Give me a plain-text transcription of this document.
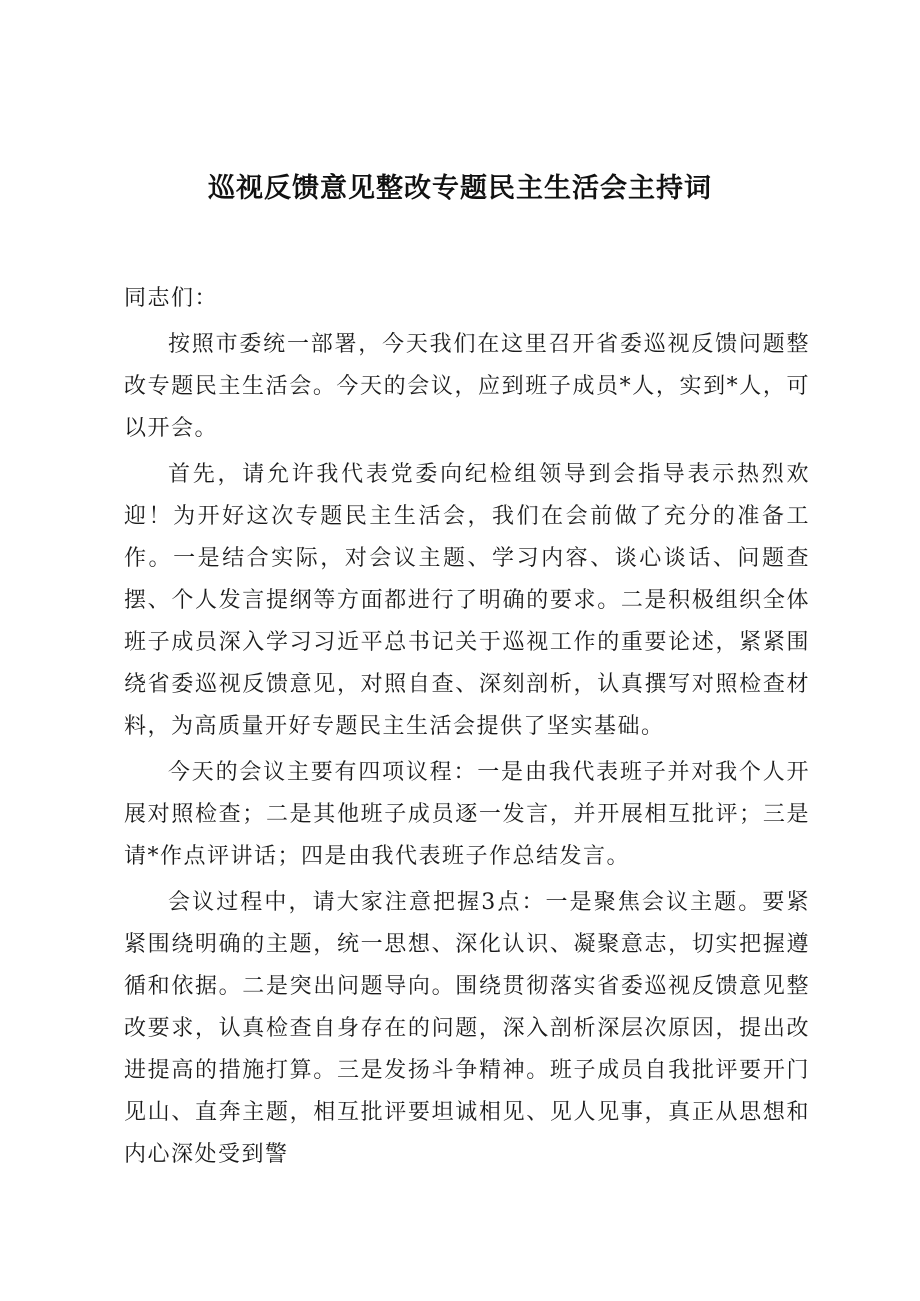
巡视反馈意见整改专题民主生活会主持词

同志们：

按照市委统一部署，今天我们在这里召开省委巡视反馈问题整改专题民主生活会。今天的会议，应到班子成员*人，实到*人，可以开会。

首先，请允许我代表党委向纪检组领导到会指导表示热烈欢迎！为开好这次专题民主生活会，我们在会前做了充分的准备工作。一是结合实际，对会议主题、学习内容、谈心谈话、问题查摆、个人发言提纲等方面都进行了明确的要求。二是积极组织全体班子成员深入学习习近平总书记关于巡视工作的重要论述，紧紧围绕省委巡视反馈意见，对照自查、深刻剖析，认真撰写对照检查材料，为高质量开好专题民主生活会提供了坚实基础。

今天的会议主要有四项议程：一是由我代表班子并对我个人开展对照检查；二是其他班子成员逐一发言，并开展相互批评；三是请*作点评讲话；四是由我代表班子作总结发言。

会议过程中，请大家注意把握3点：一是聚焦会议主题。要紧紧围绕明确的主题，统一思想、深化认识、凝聚意志，切实把握遵循和依据。二是突出问题导向。围绕贯彻落实省委巡视反馈意见整改要求，认真检查自身存在的问题，深入剖析深层次原因，提出改进提高的措施打算。三是发扬斗争精神。班子成员自我批评要开门见山、直奔主题，相互批评要坦诚相见、见人见事，真正从思想和内心深处受到警
